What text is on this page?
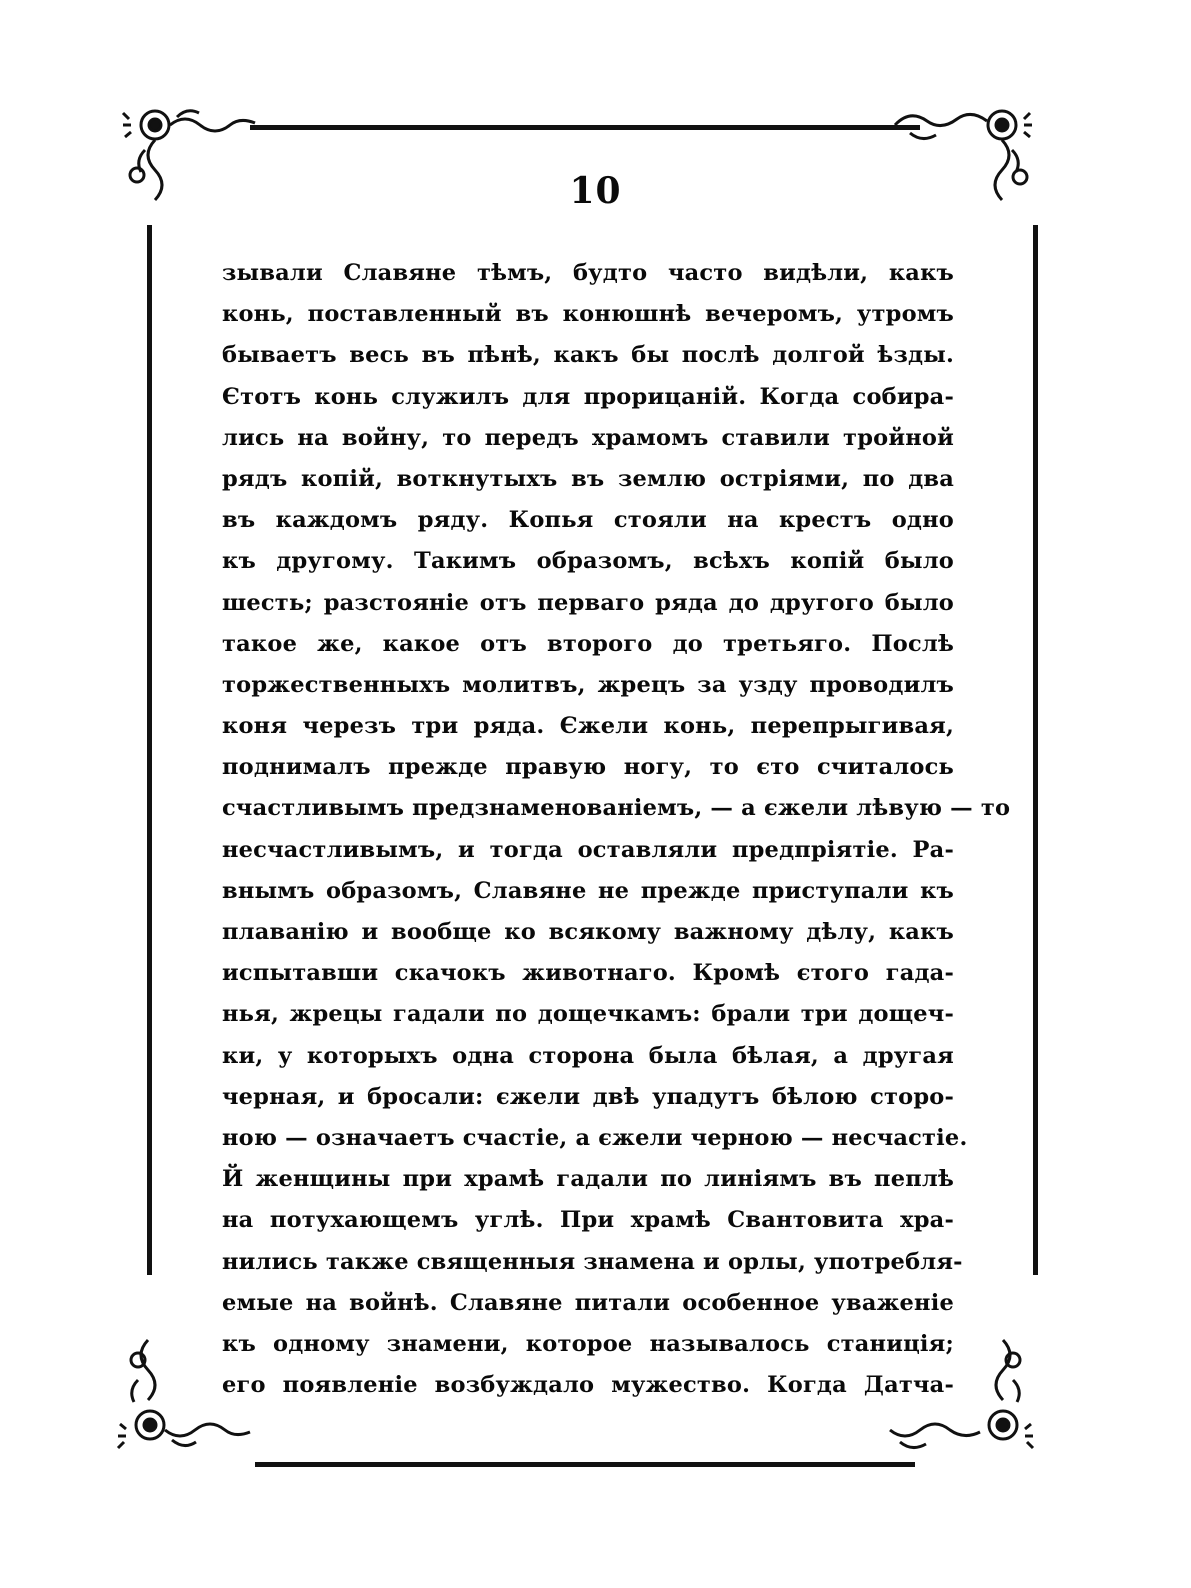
10
зывали Славяне тѣмъ, будто часто видѣли, какъ
конь, поставленный въ конюшнѣ вечеромъ, утромъ
бываетъ весь въ пѣнѣ, какъ бы послѣ долгой ѣзды.
Єтотъ конь служилъ для прорицаній. Когда собира-
лись на войну, то передъ храмомъ ставили тройной
рядъ копій, воткнутыхъ въ землю остріями, по два
въ каждомъ ряду. Копья стояли на крестъ одно
къ другому. Такимъ образомъ, всѣхъ копій было
шесть; разстояніе отъ перваго ряда до другого было
такое же, какое отъ второго до третьяго. Послѣ
торжественныхъ молитвъ, жрецъ за узду проводилъ
коня черезъ три ряда. Єжели конь, перепрыгивая,
поднималъ прежде правую ногу, то єто считалось
счастливымъ предзнаменованіемъ, — а єжели лѣвую — то
несчастливымъ, и тогда оставляли предпріятіе. Ра-
внымъ образомъ, Славяне не прежде приступали къ
плаванію и вообще ко всякому важному дѣлу, какъ
испытавши скачокъ животнаго. Кромѣ єтого гада-
нья, жрецы гадали по дощечкамъ: брали три дощеч-
ки, у которыхъ одна сторона была бѣлая, а другая
черная, и бросали: єжели двѣ упадутъ бѣлою сторо-
ною — означаетъ счастіе, а єжели черною — несчастіе.
Й женщины при храмѣ гадали по линіямъ въ пеплѣ
на потухающемъ углѣ. При храмѣ Свантовита хра-
нились также священныя знамена и орлы, употребля-
емые на войнѣ. Славяне питали особенное уваженіе
къ одному знамени, которое называлось станиція;
его появленіе возбуждало мужество. Когда Датча-
